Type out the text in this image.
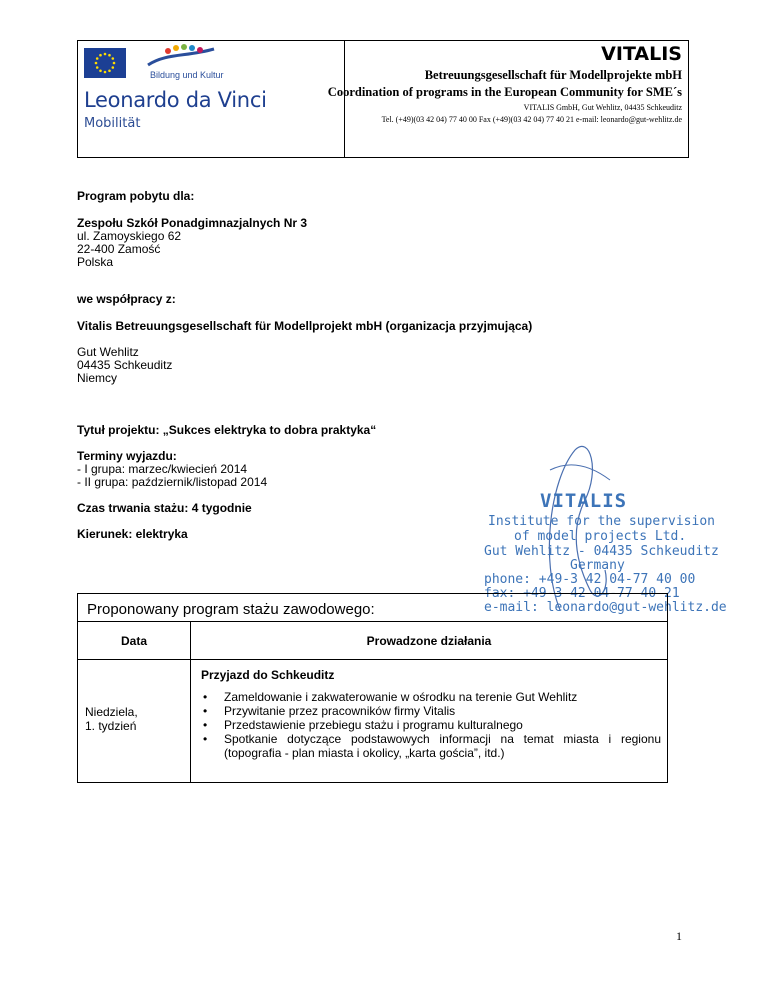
Bildung und Kultur
Leonardo da Vinci
Mobilität
VITALIS
Betreuungsgesellschaft für Modellprojekte mbH
Coordination of programs in the European Community for SME´s
VITALIS GmbH, Gut Wehlitz, 04435 Schkeuditz
Tel. (+49)(03 42 04) 77 40 00 Fax (+49)(03 42 04) 77 40 21 e-mail: leonardo@gut-wehlitz.de
Program pobytu dla:
Zespołu Szkół Ponadgimnazjalnych Nr 3
ul. Zamoyskiego 62
22-400 Zamość
Polska
we współpracy z:
Vitalis Betreuungsgesellschaft für Modellprojekt mbH (organizacja przyjmująca)
Gut Wehlitz
04435 Schkeuditz
Niemcy
Tytuł projektu: „Sukces elektryka to dobra praktyka“
Terminy wyjazdu:
- I grupa: marzec/kwiecień 2014
- II grupa: październik/listopad 2014
Czas trwania stażu: 4 tygodnie
Kierunek: elektryka
VITALIS
Institute for the supervision
of model projects Ltd.
Gut Wehlitz - 04435 Schkeuditz
Germany
phone: +49-3 42 04-77 40 00
fax: +49-3 42 04-77 40 21
e-mail: leonardo@gut-wehlitz.de
Proponowany program stażu zawodowego:
Data	Prowadzone działania
Niedziela,
1. tydzień
Przyjazd do Schkeuditz
• Zameldowanie i zakwaterowanie w ośrodku na terenie Gut Wehlitz
• Przywitanie przez pracowników firmy Vitalis
• Przedstawienie przebiegu stażu i programu kulturalnego
• Spotkanie dotyczące podstawowych informacji na temat miasta i regionu
(topografia - plan miasta i okolicy, „karta gościa”, itd.)
1
